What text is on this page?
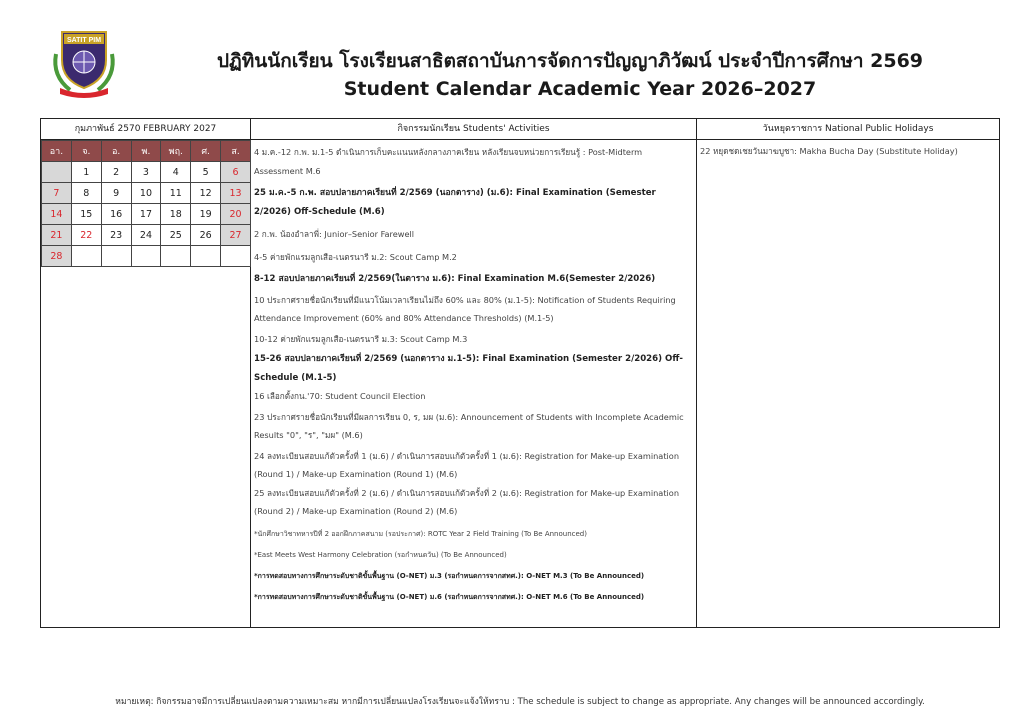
SATIT PIM
ปฏิทินนักเรียน โรงเรียนสาธิตสถาบันการจัดการปัญญาภิวัฒน์ ประจำปีการศึกษา 2569
Student Calendar Academic Year 2026–2027
กุมภาพันธ์ 2570 FEBRUARY 2027
อา.	จ.	อ.	พ.	พฤ.	ศ.	ส.
	1	2	3	4	5	6
7	8	9	10	11	12	13
14	15	16	17	18	19	20
21	22	23	24	25	26	27
28						
กิจกรรมนักเรียน Students' Activities

4 ม.ค.-12 ก.พ. ม.1-5 ดำเนินการเก็บคะแนนหลังกลางภาคเรียน หลังเรียนจบหน่วยการเรียนรู้ : Post-Midterm Assessment M.6

25 ม.ค.-5 ก.พ. สอบปลายภาคเรียนที่ 2/2569 (นอกตาราง) (ม.6): Final Examination (Semester 2/2026) Off-Schedule (M.6)

2 ก.พ. น้องอำลาพี่: Junior–Senior Farewell

4-5 ค่ายพักแรมลูกเสือ-เนตรนารี ม.2: Scout Camp M.2

8-12 สอบปลายภาคเรียนที่ 2/2569(ในตาราง ม.6): Final Examination M.6(Semester 2/2026)

10 ประกาศรายชื่อนักเรียนที่มีแนวโน้มเวลาเรียนไม่ถึง 60% และ 80% (ม.1-5): Notification of Students Requiring Attendance Improvement (60% and 80% Attendance Thresholds) (M.1-5)

10-12 ค่ายพักแรมลูกเสือ-เนตรนารี ม.3: Scout Camp M.3

15-26 สอบปลายภาคเรียนที่ 2/2569 (นอกตาราง ม.1-5): Final Examination (Semester 2/2026) Off-Schedule (M.1-5)

16 เลือกตั้งกน.'70: Student Council Election

23 ประกาศรายชื่อนักเรียนที่มีผลการเรียน 0, ร, มผ (ม.6): Announcement of Students with Incomplete Academic Results "0", "ร", "มผ" (M.6)

24 ลงทะเบียนสอบแก้ตัวครั้งที่ 1 (ม.6) / ดำเนินการสอบแก้ตัวครั้งที่ 1 (ม.6): Registration for Make-up Examination (Round 1) / Make-up Examination (Round 1) (M.6)

25 ลงทะเบียนสอบแก้ตัวครั้งที่ 2 (ม.6) / ดำเนินการสอบแก้ตัวครั้งที่ 2 (ม.6): Registration for Make-up Examination (Round 2) / Make-up Examination (Round 2) (M.6)

*นักศึกษาวิชาทหารปีที่ 2 ออกฝึกภาคสนาม (รอประกาศ): ROTC Year 2 Field Training (To Be Announced)

*East Meets West Harmony Celebration (รอกำหนดวัน) (To Be Announced)

*การทดสอบทางการศึกษาระดับชาติขั้นพื้นฐาน (O-NET) ม.3 (รอกำหนดการจากสทศ.): O-NET M.3 (To Be Announced)

*การทดสอบทางการศึกษาระดับชาติขั้นพื้นฐาน (O-NET) ม.6 (รอกำหนดการจากสทศ.): O-NET M.6 (To Be Announced)

วันหยุดราชการ National Public Holidays
22 หยุดชดเชยวันมาฆบูชา: Makha Bucha Day (Substitute Holiday)
หมายเหตุ: กิจกรรมอาจมีการเปลี่ยนแปลงตามความเหมาะสม หากมีการเปลี่ยนแปลงโรงเรียนจะแจ้งให้ทราบ : The schedule is subject to change as appropriate. Any changes will be announced accordingly.
